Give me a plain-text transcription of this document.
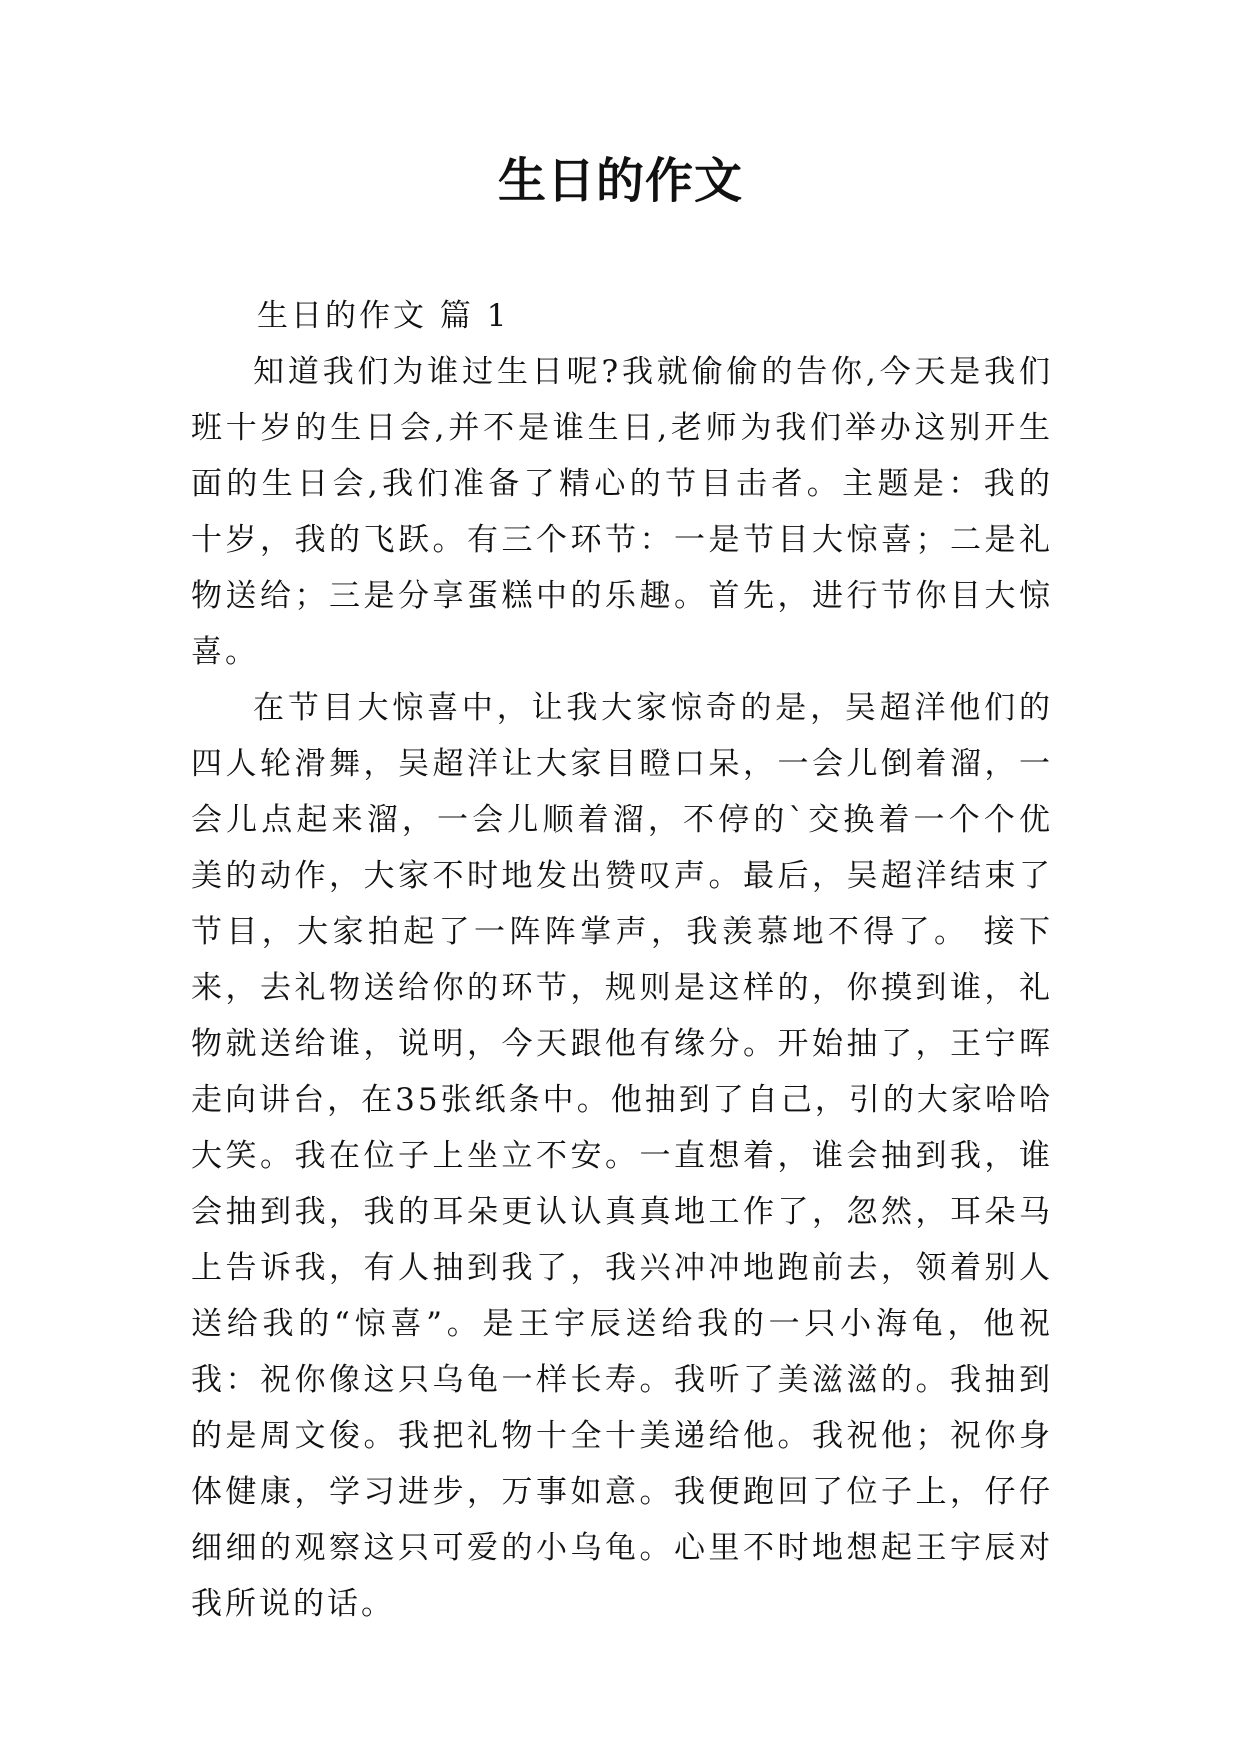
生日的作文
生日的作文 篇 1

知道我们为谁过生日呢?我就偷偷的告你,今天是我们班十岁的生日会,并不是谁生日,老师为我们举办这别开生面的生日会,我们准备了精心的节目击者。主题是：我的十岁，我的飞跃。有三个环节：一是节目大惊喜；二是礼物送给；三是分享蛋糕中的乐趣。首先，进行节你目大惊喜。

在节目大惊喜中，让我大家惊奇的是，吴超洋他们的四人轮滑舞，吴超洋让大家目瞪口呆，一会儿倒着溜，一会儿点起来溜，一会儿顺着溜，不停的`交换着一个个优美的动作，大家不时地发出赞叹声。最后，吴超洋结束了节目，大家拍起了一阵阵掌声，我羡慕地不得了。 接下来，去礼物送给你的环节，规则是这样的，你摸到谁，礼物就送给谁，说明，今天跟他有缘分。开始抽了，王宁晖走向讲台，在35张纸条中。他抽到了自己，引的大家哈哈大笑。我在位子上坐立不安。一直想着，谁会抽到我，谁会抽到我，我的耳朵更认认真真地工作了，忽然，耳朵马上告诉我，有人抽到我了，我兴冲冲地跑前去，领着别人送给我的“惊喜”。是王宇辰送给我的一只小海龟，他祝我：祝你像这只乌龟一样长寿。我听了美滋滋的。我抽到的是周文俊。我把礼物十全十美递给他。我祝他；祝你身体健康，学习进步，万事如意。我便跑回了位子上，仔仔细细的观察这只可爱的小乌龟。心里不时地想起王宇辰对我所说的话。
